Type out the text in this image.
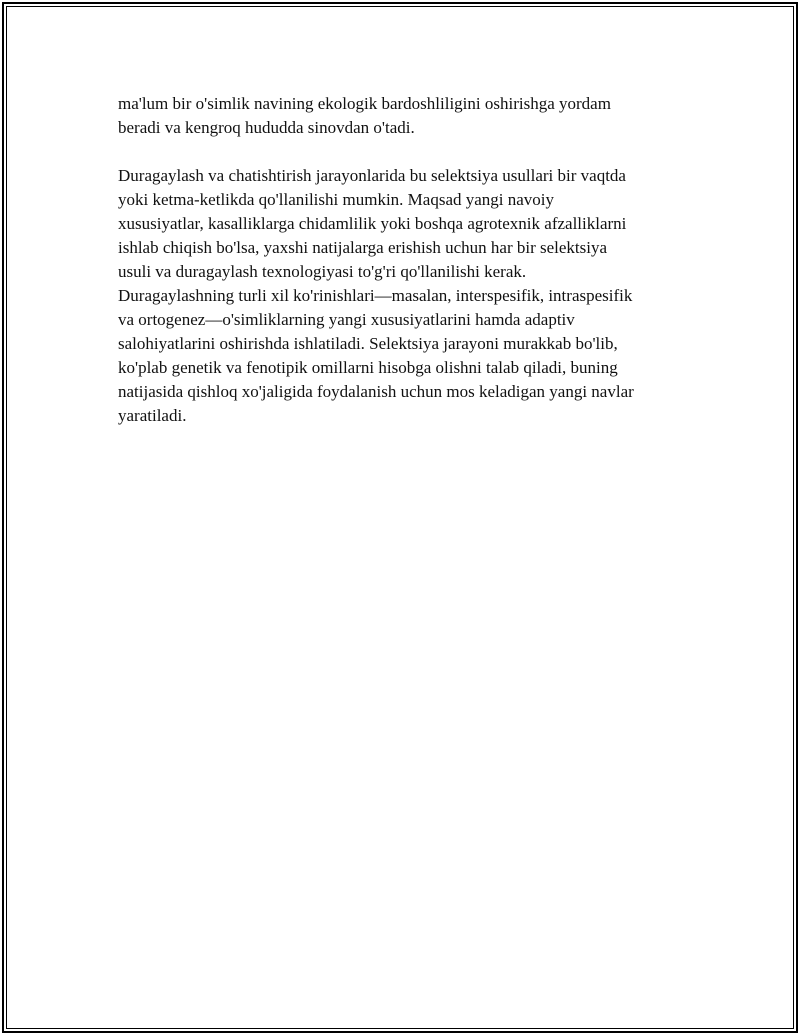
ma'lum bir o'simlik navining ekologik bardoshliligini oshirishga yordam
beradi va kengroq hududda sinovdan o'tadi.

Duragaylash va chatishtirish jarayonlarida bu selektsiya usullari bir vaqtda
yoki ketma-ketlikda qo'llanilishi mumkin. Maqsad yangi navoiy
xususiyatlar, kasalliklarga chidamlilik yoki boshqa agrotexnik afzalliklarni
ishlab chiqish bo'lsa, yaxshi natijalarga erishish uchun har bir selektsiya
usuli va duragaylash texnologiyasi to'g'ri qo'llanilishi kerak.
Duragaylashning turli xil ko'rinishlari—masalan, interspesifik, intraspesifik
va ortogenez—o'simliklarning yangi xususiyatlarini hamda adaptiv
salohiyatlarini oshirishda ishlatiladi. Selektsiya jarayoni murakkab bo'lib,
ko'plab genetik va fenotipik omillarni hisobga olishni talab qiladi, buning
natijasida qishloq xo'jaligida foydalanish uchun mos keladigan yangi navlar
yaratiladi.
